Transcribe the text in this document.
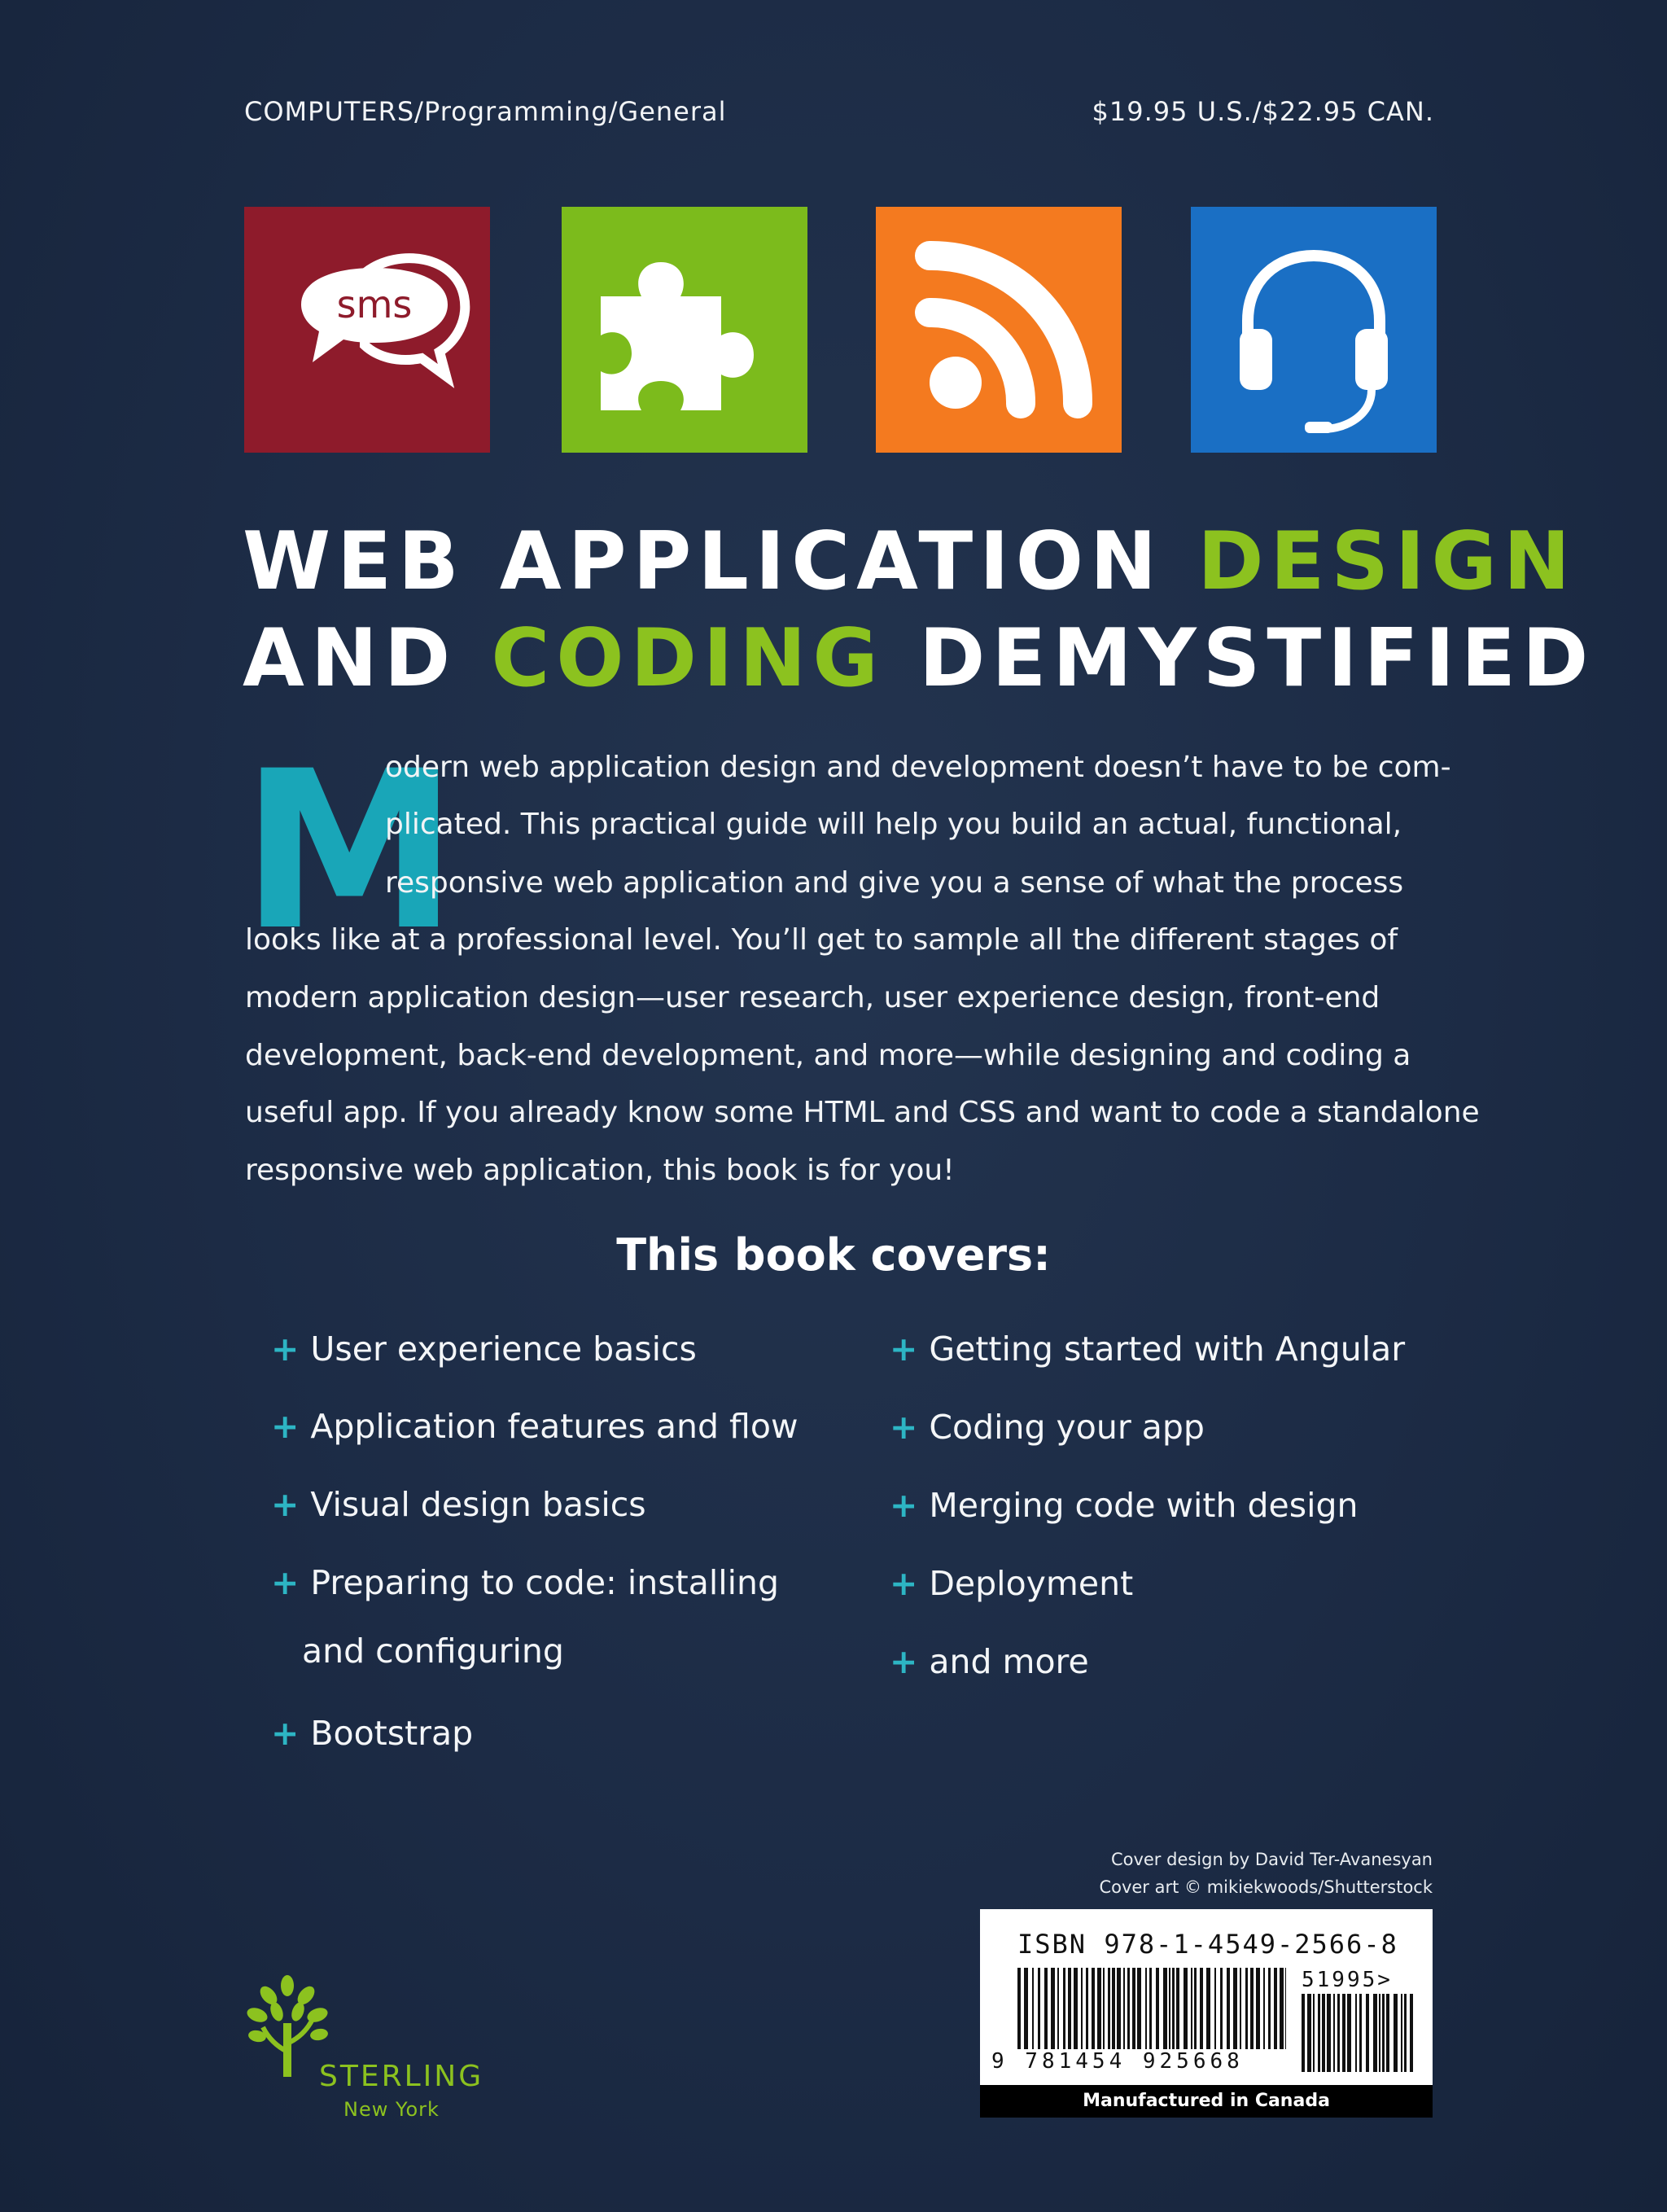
COMPUTERS/Programming/General	$19.95 U.S./$22.95 CAN.
sms
WEB APPLICATION DESIGN
AND CODING DEMYSTIFIED
M
odern web application design and development doesn’t have to be com-
plicated. This practical guide will help you build an actual, functional,
responsive web application and give you a sense of what the process
looks like at a professional level. You’ll get to sample all the different stages of
modern application design—user research, user experience design, front-end
development, back-end development, and more—while designing and coding a
useful app. If you already know some HTML and CSS and want to code a standalone
responsive web application, this book is for you!
This book covers:
+ User experience basics
+ Application features and flow
+ Visual design basics
+ Preparing to code: installing
and configuring
+ Bootstrap
+ Getting started with Angular
+ Coding your app
+ Merging code with design
+ Deployment
+ and more
Cover design by David Ter-Avanesyan
Cover art © mikiekwoods/Shutterstock
ISBN 978-1-4549-2566-8
51995>
9 781454 925668
Manufactured in Canada
STERLING
New York
